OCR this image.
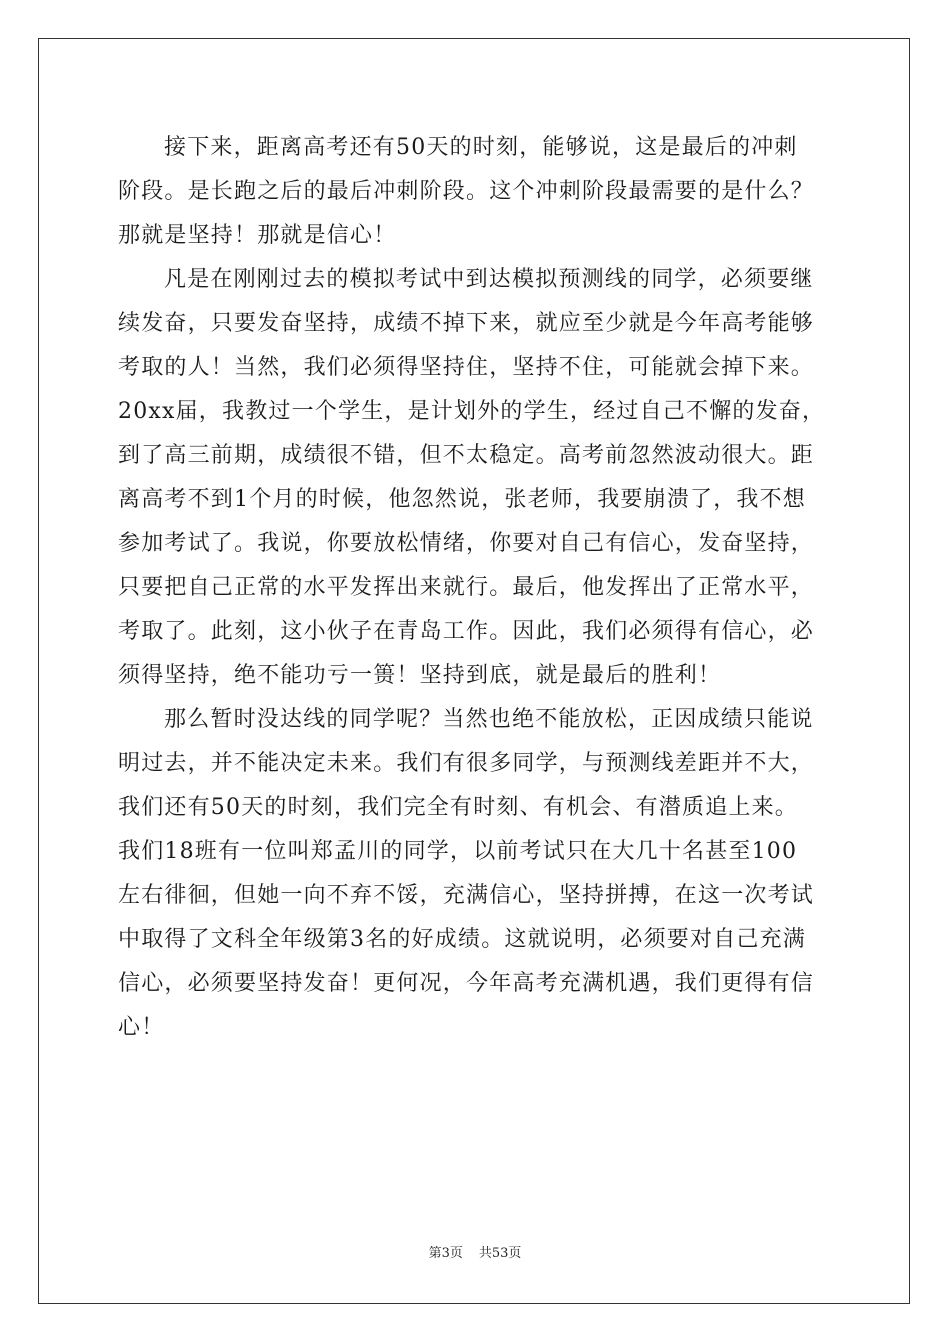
接下来，距离高考还有50天的时刻，能够说，这是最后的冲刺
阶段。是长跑之后的最后冲刺阶段。这个冲刺阶段最需要的是什么？
那就是坚持！那就是信心！
凡是在刚刚过去的模拟考试中到达模拟预测线的同学，必须要继
续发奋，只要发奋坚持，成绩不掉下来，就应至少就是今年高考能够
考取的人！当然，我们必须得坚持住，坚持不住，可能就会掉下来。
20xx届，我教过一个学生，是计划外的学生，经过自己不懈的发奋，
到了高三前期，成绩很不错，但不太稳定。高考前忽然波动很大。距
离高考不到1个月的时候，他忽然说，张老师，我要崩溃了，我不想
参加考试了。我说，你要放松情绪，你要对自己有信心，发奋坚持，
只要把自己正常的水平发挥出来就行。最后，他发挥出了正常水平，
考取了。此刻，这小伙子在青岛工作。因此，我们必须得有信心，必
须得坚持，绝不能功亏一篑！坚持到底，就是最后的胜利！
那么暂时没达线的同学呢？当然也绝不能放松，正因成绩只能说
明过去，并不能决定未来。我们有很多同学，与预测线差距并不大，
我们还有50天的时刻，我们完全有时刻、有机会、有潜质追上来。
我们18班有一位叫郑孟川的同学，以前考试只在大几十名甚至100
左右徘徊，但她一向不弃不馁，充满信心，坚持拼搏，在这一次考试
中取得了文科全年级第3名的好成绩。这就说明，必须要对自己充满
信心，必须要坚持发奋！更何况，今年高考充满机遇，我们更得有信
心！
第3页 共53页
